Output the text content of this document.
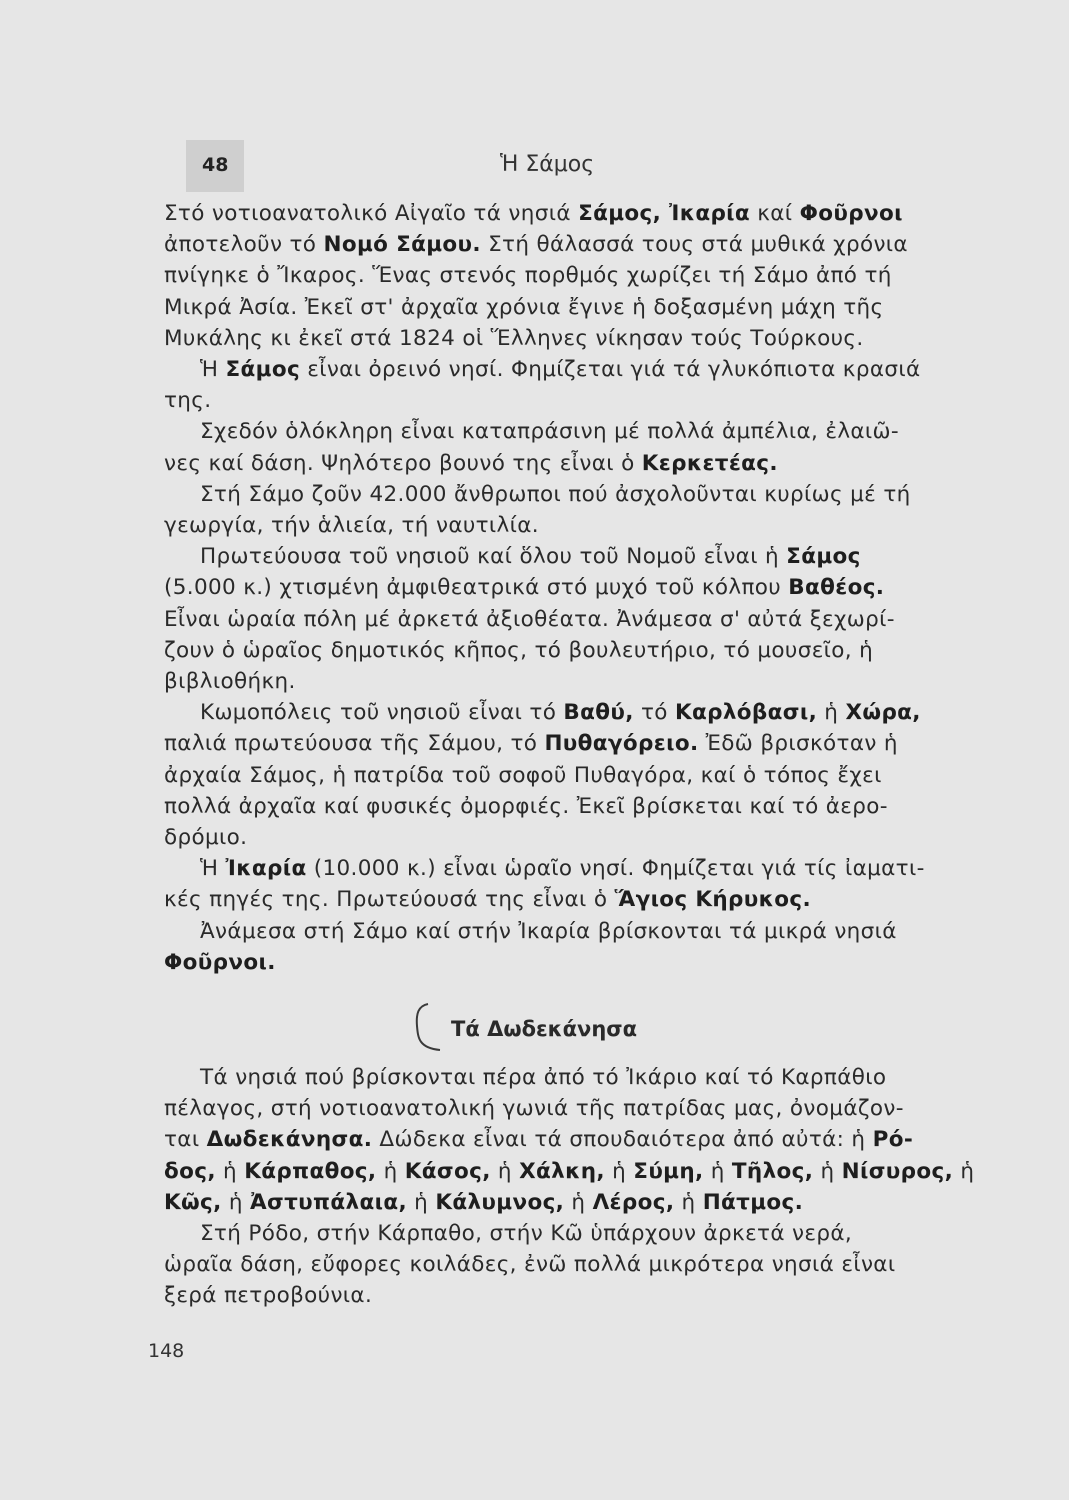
48	Ἡ Σάμος
Στό νοτιοανατολικό Αἰγαῖο τά νησιά Σάμος, Ἰκαρία καί Φοῦρνοι
ἀποτελοῦν τό Νομό Σάμου. Στή θάλασσά τους στά μυθικά χρόνια
πνίγηκε ὁ Ἴκαρος. Ἕνας στενός πορθμός χωρίζει τή Σάμο ἀπό τή
Μικρά Ἀσία. Ἐκεῖ στ' ἀρχαῖα χρόνια ἔγινε ἡ δοξασμένη μάχη τῆς
Μυκάλης κι ἐκεῖ στά 1824 οἱ Ἕλληνες νίκησαν τούς Τούρκους.
Ἡ Σάμος εἶναι ὀρεινό νησί. Φημίζεται γιά τά γλυκόπιοτα κρασιά
της.
Σχεδόν ὁλόκληρη εἶναι καταπράσινη μέ πολλά ἀμπέλια, ἐλαιῶ-
νες καί δάση. Ψηλότερο βουνό της εἶναι ὁ Κερκετέας.
Στή Σάμο ζοῦν 42.000 ἄνθρωποι πού ἀσχολοῦνται κυρίως μέ τή
γεωργία, τήν ἁλιεία, τή ναυτιλία.
Πρωτεύουσα τοῦ νησιοῦ καί ὅλου τοῦ Νομοῦ εἶναι ἡ Σάμος
(5.000 κ.) χτισμένη ἀμφιθεατρικά στό μυχό τοῦ κόλπου Βαθέος.
Εἶναι ὡραία πόλη μέ ἀρκετά ἀξιοθέατα. Ἀνάμεσα σ' αὐτά ξεχωρί-
ζουν ὁ ὡραῖος δημοτικός κῆπος, τό βουλευτήριο, τό μουσεῖο, ἡ
βιβλιοθήκη.
Κωμοπόλεις τοῦ νησιοῦ εἶναι τό Βαθύ, τό Καρλόβασι, ἡ Χώρα,
παλιά πρωτεύουσα τῆς Σάμου, τό Πυθαγόρειο. Ἐδῶ βρισκόταν ἡ
ἀρχαία Σάμος, ἡ πατρίδα τοῦ σοφοῦ Πυθαγόρα, καί ὁ τόπος ἔχει
πολλά ἀρχαῖα καί φυσικές ὀμορφιές. Ἐκεῖ βρίσκεται καί τό ἀερο-
δρόμιο.
Ἡ Ἰκαρία (10.000 κ.) εἶναι ὡραῖο νησί. Φημίζεται γιά τίς ἰαματι-
κές πηγές της. Πρωτεύουσά της εἶναι ὁ Ἅγιος Κήρυκος.
Ἀνάμεσα στή Σάμο καί στήν Ἰκαρία βρίσκονται τά μικρά νησιά
Φοῦρνοι.
Τά Δωδεκάνησα
Τά νησιά πού βρίσκονται πέρα ἀπό τό Ἰκάριο καί τό Καρπάθιο
πέλαγος, στή νοτιοανατολική γωνιά τῆς πατρίδας μας, ὀνομάζον-
ται Δωδεκάνησα. Δώδεκα εἶναι τά σπουδαιότερα ἀπό αὐτά: ἡ Ρό-
δος, ἡ Κάρπαθος, ἡ Κάσος, ἡ Χάλκη, ἡ Σύμη, ἡ Τῆλος, ἡ Νίσυρος, ἡ
Κῶς, ἡ Ἀστυπάλαια, ἡ Κάλυμνος, ἡ Λέρος, ἡ Πάτμος.
Στή Ρόδο, στήν Κάρπαθο, στήν Κῶ ὑπάρχουν ἀρκετά νερά,
ὡραῖα δάση, εὔφορες κοιλάδες, ἐνῶ πολλά μικρότερα νησιά εἶναι
ξερά πετροβούνια.
148
